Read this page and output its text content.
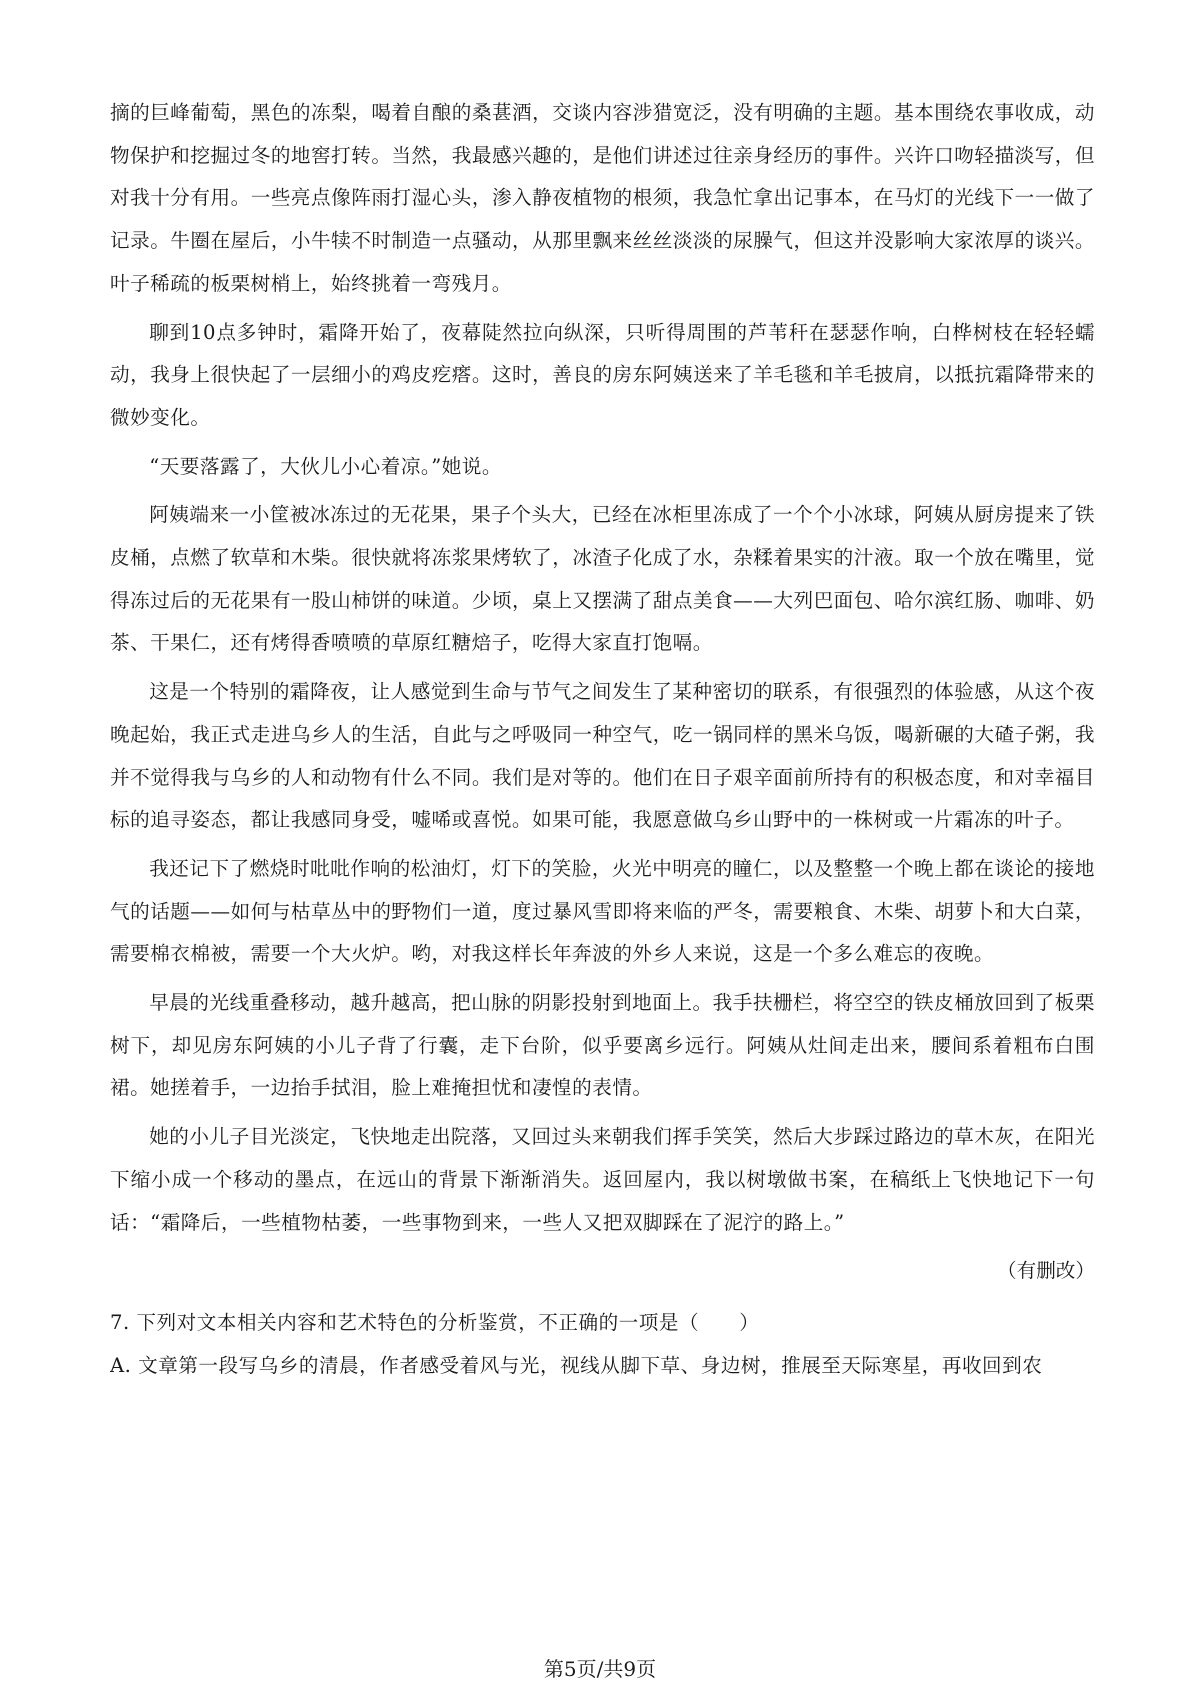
摘的巨峰葡萄，黑色的冻梨，喝着自酿的桑葚酒，交谈内容涉猎宽泛，没有明确的主题。基本围绕农事收成，动物保护和挖掘过冬的地窖打转。当然，我最感兴趣的，是他们讲述过往亲身经历的事件。兴许口吻轻描淡写，但对我十分有用。一些亮点像阵雨打湿心头，渗入静夜植物的根须，我急忙拿出记事本，在马灯的光线下一一做了记录。牛圈在屋后，小牛犊不时制造一点骚动，从那里飘来丝丝淡淡的尿臊气，但这并没影响大家浓厚的谈兴。叶子稀疏的板栗树梢上，始终挑着一弯残月。

聊到10点多钟时，霜降开始了，夜幕陡然拉向纵深，只听得周围的芦苇秆在瑟瑟作响，白桦树枝在轻轻蠕动，我身上很快起了一层细小的鸡皮疙瘩。这时，善良的房东阿姨送来了羊毛毯和羊毛披肩，以抵抗霜降带来的微妙变化。

“天要落露了，大伙儿小心着凉。”她说。

阿姨端来一小筐被冰冻过的无花果，果子个头大，已经在冰柜里冻成了一个个小冰球，阿姨从厨房提来了铁皮桶，点燃了软草和木柴。很快就将冻浆果烤软了，冰渣子化成了水，杂糅着果实的汁液。取一个放在嘴里，觉得冻过后的无花果有一股山柿饼的味道。少顷，桌上又摆满了甜点美食——大列巴面包、哈尔滨红肠、咖啡、奶茶、干果仁，还有烤得香喷喷的草原红糖焙子，吃得大家直打饱嗝。

这是一个特别的霜降夜，让人感觉到生命与节气之间发生了某种密切的联系，有很强烈的体验感，从这个夜晚起始，我正式走进乌乡人的生活，自此与之呼吸同一种空气，吃一锅同样的黑米乌饭，喝新碾的大碴子粥，我并不觉得我与乌乡的人和动物有什么不同。我们是对等的。他们在日子艰辛面前所持有的积极态度，和对幸福目标的追寻姿态，都让我感同身受，嘘唏或喜悦。如果可能，我愿意做乌乡山野中的一株树或一片霜冻的叶子。

我还记下了燃烧时吡吡作响的松油灯，灯下的笑脸，火光中明亮的瞳仁，以及整整一个晚上都在谈论的接地气的话题——如何与枯草丛中的野物们一道，度过暴风雪即将来临的严冬，需要粮食、木柴、胡萝卜和大白菜，需要棉衣棉被，需要一个大火炉。哟，对我这样长年奔波的外乡人来说，这是一个多么难忘的夜晚。

早晨的光线重叠移动，越升越高，把山脉的阴影投射到地面上。我手扶栅栏，将空空的铁皮桶放回到了板栗树下，却见房东阿姨的小儿子背了行囊，走下台阶，似乎要离乡远行。阿姨从灶间走出来，腰间系着粗布白围裙。她搓着手，一边抬手拭泪，脸上难掩担忧和凄惶的表情。

她的小儿子目光淡定，飞快地走出院落，又回过头来朝我们挥手笑笑，然后大步踩过路边的草木灰，在阳光下缩小成一个移动的墨点，在远山的背景下渐渐消失。返回屋内，我以树墩做书案，在稿纸上飞快地记下一句话：“霜降后，一些植物枯萎，一些事物到来，一些人又把双脚踩在了泥泞的路上。”

（有删改）

7. 下列对文本相关内容和艺术特色的分析鉴赏，不正确的一项是（　　）

A. 文章第一段写乌乡的清晨，作者感受着风与光，视线从脚下草、身边树，推展至天际寒星，再收回到农

第5页/共9页
